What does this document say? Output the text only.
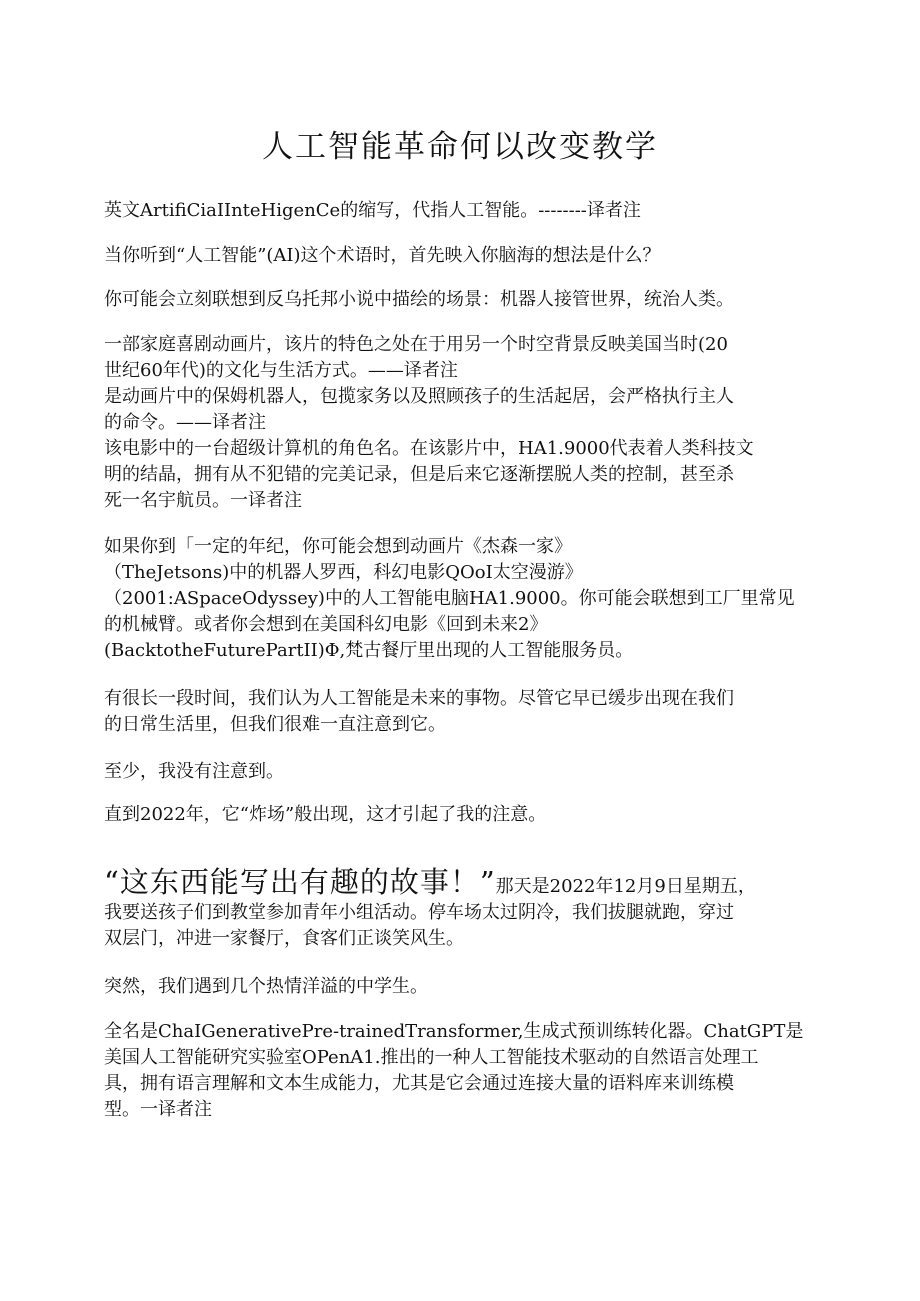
人工智能革命何以改变教学
英文ArtifiCiaIInteHigenCe的缩写，代指人工智能。--------译者注
当你听到“人工智能”(AI)这个术语时，首先映入你脑海的想法是什么？
你可能会立刻联想到反乌托邦小说中描绘的场景：机器人接管世界，统治人类。
一部家庭喜剧动画片，该片的特色之处在于用另一个时空背景反映美国当时(20
世纪60年代)的文化与生活方式。——译者注
是动画片中的保姆机器人，包揽家务以及照顾孩子的生活起居，会严格执行主人
的命令。——译者注
该电影中的一台超级计算机的角色名。在该影片中，HA1.9000代表着人类科技文
明的结晶，拥有从不犯错的完美记录，但是后来它逐渐摆脱人类的控制，甚至杀
死一名宇航员。一译者注
如果你到「一定的年纪，你可能会想到动画片《杰森一家》
（TheJetsons)中的机器人罗西，科幻电影QOoI太空漫游》
（2001:ASpaceOdyssey)中的人工智能电脑HA1.9000。你可能会联想到工厂里常见
的机械臂。或者你会想到在美国科幻电影《回到未来2》
(BacktotheFuturePartII)Φ,梵古餐厅里出现的人工智能服务员。
有很长一段时间，我们认为人工智能是未来的事物。尽管它早已缓步出现在我们
的日常生活里，但我们很难一直注意到它。
至少，我没有注意到。
直到2022年，它“炸场”般出现，这才引起了我的注意。
“这东西能写出有趣的故事！”那天是2022年12月9日星期五，
我要送孩子们到教堂参加青年小组活动。停车场太过阴冷，我们拔腿就跑，穿过
双层门，冲进一家餐厅，食客们正谈笑风生。
突然，我们遇到几个热情洋溢的中学生。
全名是ChaIGenerativePre-trainedTransformer,生成式预训练转化器。ChatGPT是
美国人工智能研究实验室OPenA1.推出的一种人工智能技术驱动的自然语言处理工
具，拥有语言理解和文本生成能力，尤其是它会通过连接大量的语料库来训练模
型。一译者注
